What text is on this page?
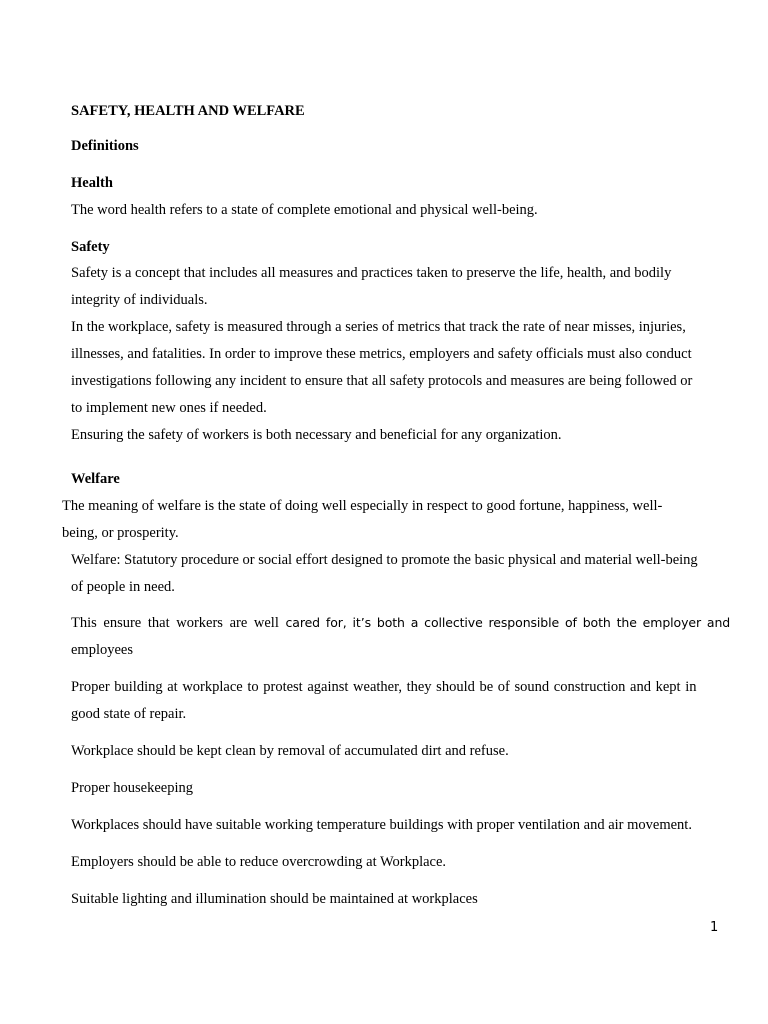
SAFETY, HEALTH AND WELFARE
Definitions
Health
The word health refers to a state of complete emotional and physical well-being.
Safety
Safety is a concept that includes all measures and practices taken to preserve the life, health, and bodily
integrity of individuals.
In the workplace, safety is measured through a series of metrics that track the rate of near misses, injuries,
illnesses, and fatalities. In order to improve these metrics, employers and safety officials must also conduct
investigations following any incident to ensure that all safety protocols and measures are being followed or
to implement new ones if needed.
Ensuring the safety of workers is both necessary and beneficial for any organization.
Welfare
The meaning of welfare is the state of doing well especially in respect to good fortune, happiness, well-
being, or prosperity.
Welfare: Statutory procedure or social effort designed to promote the basic physical and material well-being
of people in need.
This ensure that workers are well cared for, it’s both a collective responsible of both the employer and
employees
Proper building at workplace to protest against weather, they should be of sound construction and kept in
good state of repair.
Workplace should be kept clean by removal of accumulated dirt and refuse.
Proper housekeeping
Workplaces should have suitable working temperature buildings with proper ventilation and air movement.
Employers should be able to reduce overcrowding at Workplace.
Suitable lighting and illumination should be maintained at workplaces
1
